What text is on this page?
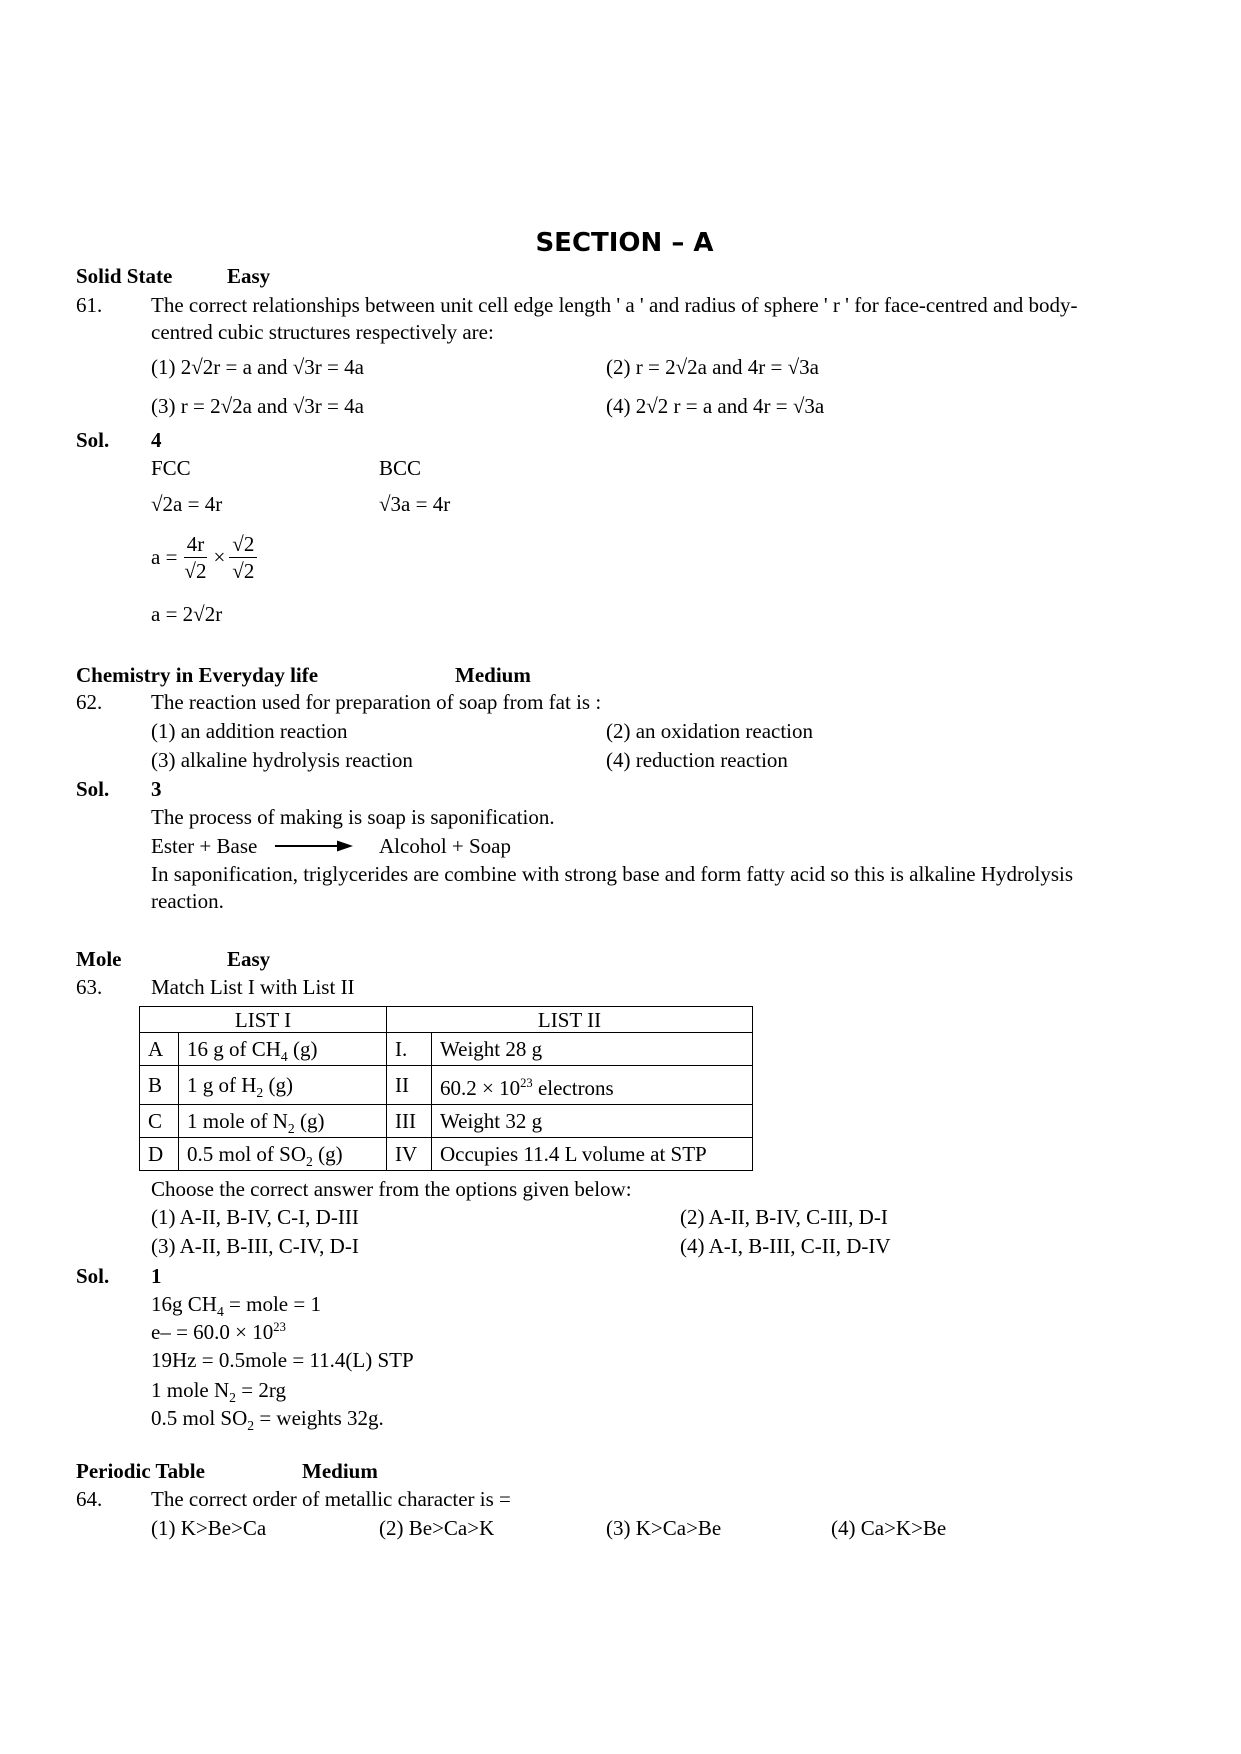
SECTION – A
Solid State	Easy
61. The correct relationships between unit cell edge length ' a ' and radius of sphere ' r ' for face-centred and body-
centred cubic structures respectively are:
(1) 2√2r = a and √3r = 4a	(2) r = 2√2a and 4r = √3a
(3) r = 2√2a and √3r = 4a	(4) 2√2 r = a and 4r = √3a
Sol. 4
FCC	BCC
√2a = 4r	√3a = 4r
$a = \frac{4r}{√2} \times \frac{√2}{√2}$
a = 2√2r
Chemistry in Everyday life	Medium
62. The reaction used for preparation of soap from fat is :
(1) an addition reaction	(2) an oxidation reaction
(3) alkaline hydrolysis reaction	(4) reduction reaction
Sol. 3
The process of making is soap is saponification.
Ester + Base → Alcohol + Soap
In saponification, triglycerides are combine with strong base and form fatty acid so this is alkaline Hydrolysis
reaction.
Mole	Easy
63. Match List I with List II
LIST I		LIST II	
A	16 g of $CH_4$ (g)	I.	Weight 28 g
B	1 g of $H_2$ (g)	II	$60.2 \times 10^{23}$ electrons
C	1 mole of $N_2$ (g)	III	Weight 32 g
D	0.5 mol of $SO_2$ (g)	IV	Occupies 11.4 L volume at STP
Choose the correct answer from the options given below:
(1) A-II, B-IV, C-I, D-III	(2) A-II, B-IV, C-III, D-I
(3) A-II, B-III, C-IV, D-I	(4) A-I, B-III, C-II, D-IV
Sol. 1
16g $CH_4$ = mole = 1
$e- = 60.0 \times 10^{23}$
19Hz = 0.5mole = 11.4(L) STP
1 mole $N_2 = 2rg$
0.5 mol $SO_2$ = weights 32g.
Periodic Table	Medium
64. The correct order of metallic character is =
(1) K>Be>Ca	(2) Be>Ca>K	(3) K>Ca>Be	(4) Ca>K>Be
